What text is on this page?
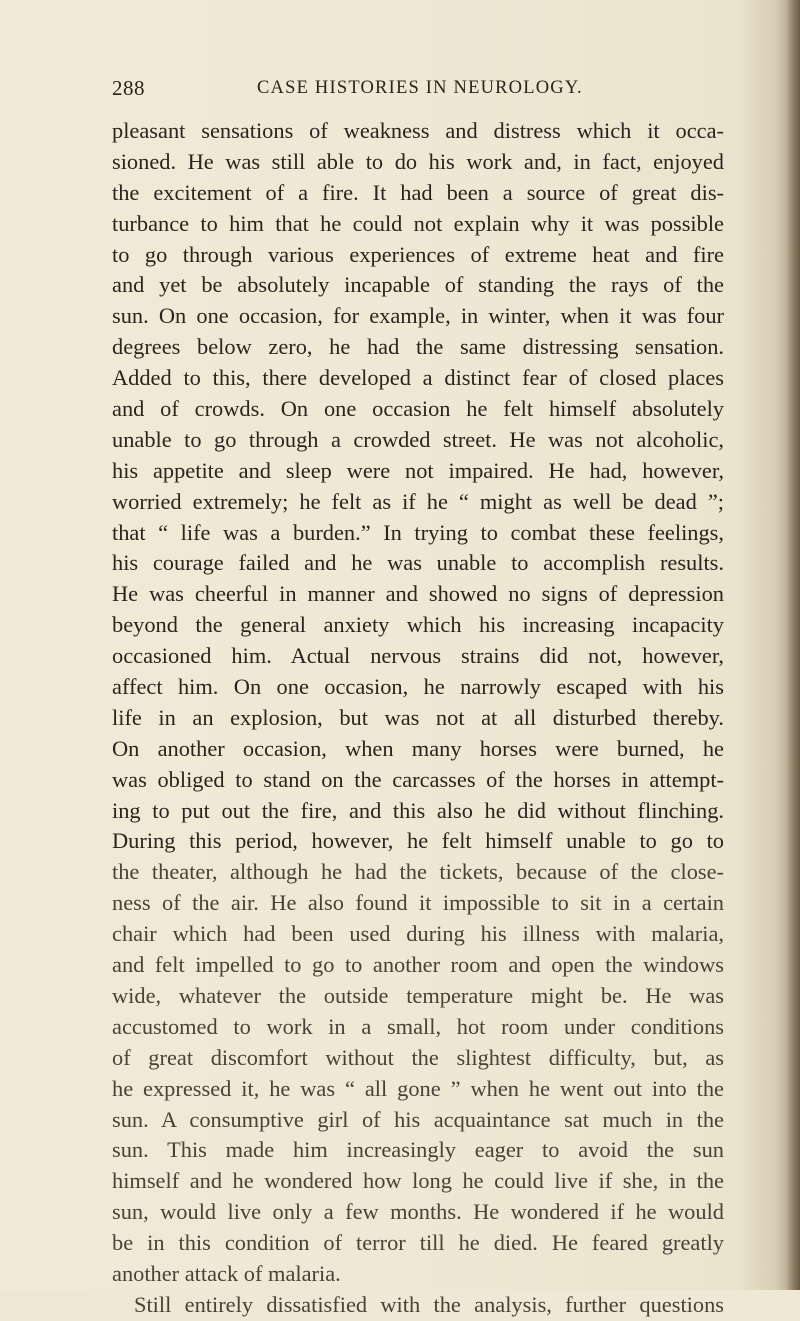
288	CASE HISTORIES IN NEUROLOGY.
pleasant sensations of weakness and distress which it occa-
sioned. He was still able to do his work and, in fact, enjoyed
the excitement of a fire. It had been a source of great dis-
turbance to him that he could not explain why it was possible
to go through various experiences of extreme heat and fire
and yet be absolutely incapable of standing the rays of the
sun. On one occasion, for example, in winter, when it was four
degrees below zero, he had the same distressing sensation.
Added to this, there developed a distinct fear of closed places
and of crowds. On one occasion he felt himself absolutely
unable to go through a crowded street. He was not alcoholic,
his appetite and sleep were not impaired. He had, however,
worried extremely; he felt as if he “ might as well be dead ”;
that “ life was a burden.” In trying to combat these feelings,
his courage failed and he was unable to accomplish results.
He was cheerful in manner and showed no signs of depression
beyond the general anxiety which his increasing incapacity
occasioned him. Actual nervous strains did not, however,
affect him. On one occasion, he narrowly escaped with his
life in an explosion, but was not at all disturbed thereby.
On another occasion, when many horses were burned, he
was obliged to stand on the carcasses of the horses in attempt-
ing to put out the fire, and this also he did without flinching.
During this period, however, he felt himself unable to go to
the theater, although he had the tickets, because of the close-
ness of the air. He also found it impossible to sit in a certain
chair which had been used during his illness with malaria,
and felt impelled to go to another room and open the windows
wide, whatever the outside temperature might be. He was
accustomed to work in a small, hot room under conditions
of great discomfort without the slightest difficulty, but, as
he expressed it, he was “ all gone ” when he went out into the
sun. A consumptive girl of his acquaintance sat much in the
sun. This made him increasingly eager to avoid the sun
himself and he wondered how long he could live if she, in the
sun, would live only a few months. He wondered if he would
be in this condition of terror till he died. He feared greatly
another attack of malaria.
Still entirely dissatisfied with the analysis, further questions
